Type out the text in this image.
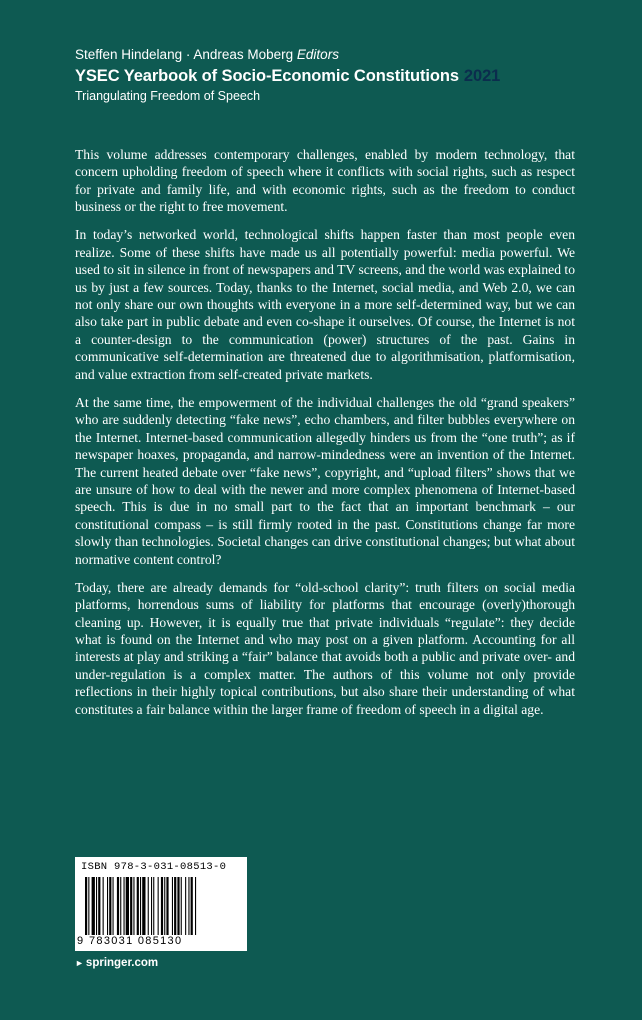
Steffen Hindelang · Andreas Moberg Editors
YSEC Yearbook of Socio-Economic Constitutions 2021
Triangulating Freedom of Speech

This volume addresses contemporary challenges, enabled by modern technology, that concern upholding freedom of speech where it conflicts with social rights, such as respect for private and family life, and with economic rights, such as the freedom to conduct business or the right to free movement.

In today’s networked world, technological shifts happen faster than most people even realize. Some of these shifts have made us all potentially powerful: media powerful. We used to sit in silence in front of newspapers and TV screens, and the world was explained to us by just a few sources. Today, thanks to the Internet, social media, and Web 2.0, we can not only share our own thoughts with everyone in a more self-determined way, but we can also take part in public debate and even co-shape it ourselves. Of course, the Internet is not a counter-design to the communication (power) structures of the past. Gains in communicative self-determination are threatened due to algorithmisation, platformisation, and value extraction from self-created private markets.

At the same time, the empowerment of the individual challenges the old “grand speakers” who are suddenly detecting “fake news”, echo chambers, and filter bubbles everywhere on the Internet. Internet-based communication allegedly hinders us from the “one truth”; as if newspaper hoaxes, propaganda, and narrow-mindedness were an invention of the Internet. The current heated debate over “fake news”, copyright, and “upload filters” shows that we are unsure of how to deal with the newer and more complex phenomena of Internet-based speech. This is due in no small part to the fact that an important benchmark – our constitutional compass – is still firmly rooted in the past. Constitutions change far more slowly than technologies. Societal changes can drive constitutional changes; but what about normative content control?

Today, there are already demands for “old-school clarity”: truth filters on social media platforms, horrendous sums of liability for platforms that encourage (overly)thorough cleaning up. However, it is equally true that private individuals “regulate”: they decide what is found on the Internet and who may post on a given platform. Accounting for all interests at play and striking a “fair” balance that avoids both a public and private over- and under-regulation is a complex matter. The authors of this volume not only provide reflections in their highly topical contributions, but also share their understanding of what constitutes a fair balance within the larger frame of freedom of speech in a digital age.

ISBN 978-3-031-08513-0
9 783031 085130
► springer.com
